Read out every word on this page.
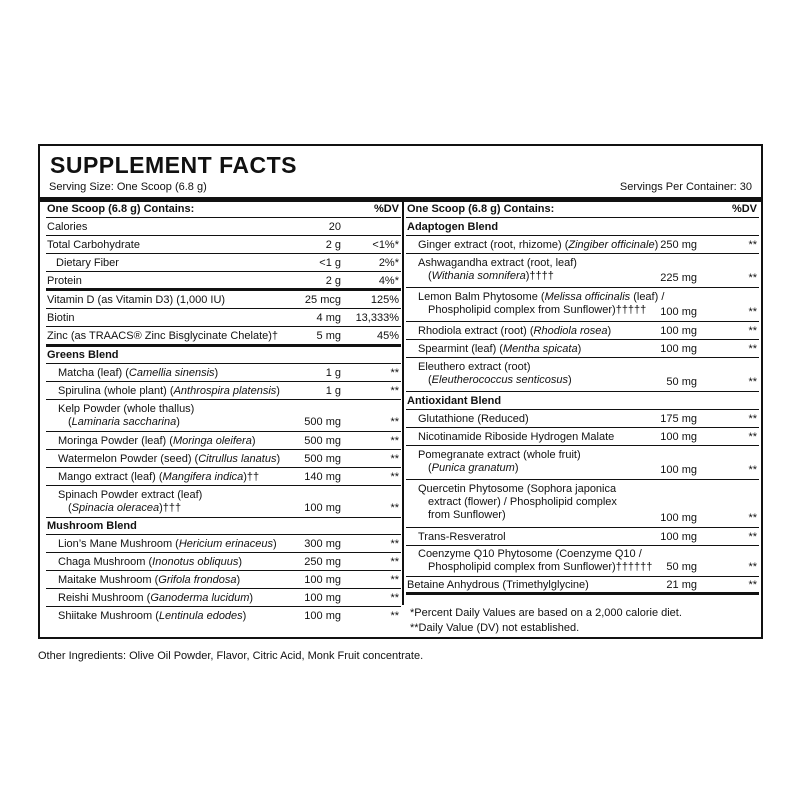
SUPPLEMENT FACTS
Serving Size: One Scoop (6.8 g)	Servings Per Container: 30
One Scoop (6.8 g) Contains:	%DV
Calories	20
Total Carbohydrate	2 g	<1%*
Dietary Fiber	<1 g	2%*
Protein	2 g	4%*
Vitamin D (as Vitamin D3) (1,000 IU)	25 mcg	125%
Biotin	4 mg 13,333%
Zinc (as TRAACS® Zinc Bisglycinate Chelate)†	5 mg	45%
Greens Blend
Matcha (leaf) (Camellia sinensis)	1 g	**
Spirulina (whole plant) (Anthrospira platensis)	1 g	**
Kelp Powder (whole thallus)
(Laminaria saccharina)	500 mg	**
Moringa Powder (leaf) (Moringa oleifera)	500 mg	**
Watermelon Powder (seed) (Citrullus lanatus)	500 mg	**
Mango extract (leaf) (Mangifera indica)††	140 mg	**
Spinach Powder extract (leaf)
(Spinacia oleracea)†††	100 mg	**
Mushroom Blend
Lion’s Mane Mushroom (Hericium erinaceus)	300 mg	**
Chaga Mushroom (Inonotus obliquus)	250 mg	**
Maitake Mushroom (Grifola frondosa)	100 mg	**
Reishi Mushroom (Ganoderma lucidum)	100 mg	**
Shiitake Mushroom (Lentinula edodes)	100 mg	**
One Scoop (6.8 g) Contains:	%DV
Adaptogen Blend
Ginger extract (root, rhizome) (Zingiber officinale) 250 mg	**
Ashwagandha extract (root, leaf)
(Withania somnifera)††††	225 mg	**
Lemon Balm Phytosome (Melissa officinalis (leaf) /
Phospholipid complex from Sunflower)†††††	100 mg	**
Rhodiola extract (root) (Rhodiola rosea)	100 mg	**
Spearmint (leaf) (Mentha spicata)	100 mg	**
Eleuthero extract (root)
(Eleutherococcus senticosus)	50 mg	**
Antioxidant Blend
Glutathione (Reduced)	175 mg	**
Nicotinamide Riboside Hydrogen Malate	100 mg	**
Pomegranate extract (whole fruit)
(Punica granatum)	100 mg	**
Quercetin Phytosome (Sophora japonica
extract (flower) / Phospholipid complex
from Sunflower)	100 mg	**
Trans-Resveratrol	100 mg	**
Coenzyme Q10 Phytosome (Coenzyme Q10 /
Phospholipid complex from Sunflower)††††††	50 mg	**
Betaine Anhydrous (Trimethylglycine)	21 mg	**
*Percent Daily Values are based on a 2,000 calorie diet.
**Daily Value (DV) not established.
Other Ingredients: Olive Oil Powder, Flavor, Citric Acid, Monk Fruit concentrate.
